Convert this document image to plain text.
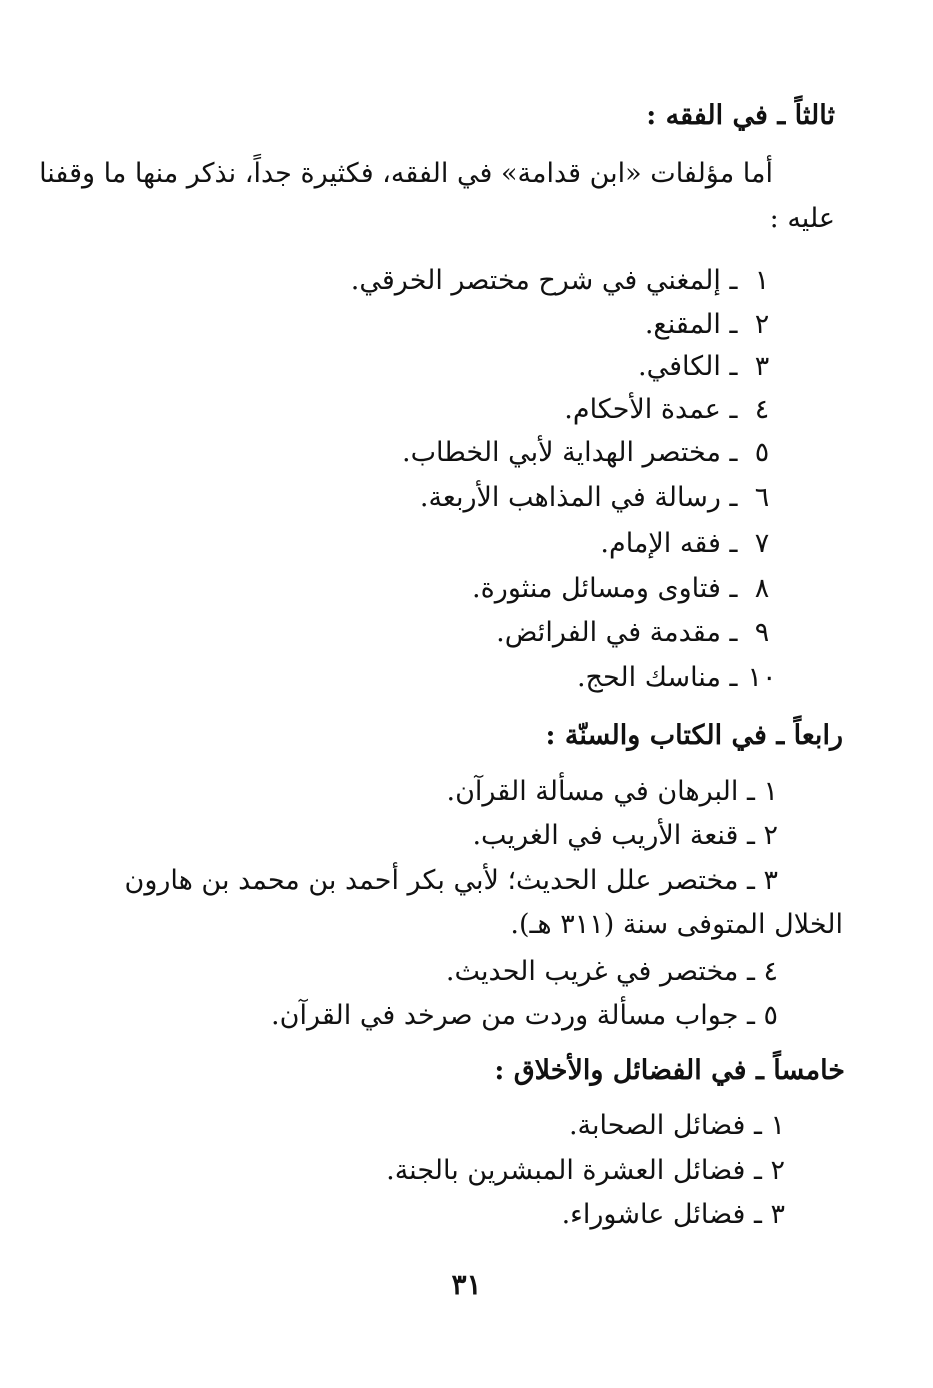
ثالثاً ـ في الفقه :
أما مؤلفات «ابن قدامة» في الفقه، فكثيرة جداً، نذكر منها ما وقفنا
عليه :
١ ـ إلمغني في شرح مختصر الخرقي.
٢ ـ المقنع.
٣ ـ الكافي.
٤ ـ عمدة الأحكام.
٥ ـ مختصر الهداية لأبي الخطاب.
٦ ـ رسالة في المذاهب الأربعة.
٧ ـ فقه الإمام.
٨ ـ فتاوى ومسائل منثورة.
٩ ـ مقدمة في الفرائض.
١٠ ـ مناسك الحج.
رابعاً ـ في الكتاب والسنّة :
١ ـ البرهان في مسألة القرآن.
٢ ـ قنعة الأريب في الغريب.
٣ ـ مختصر علل الحديث؛ لأبي بكر أحمد بن محمد بن هارون
الخلال المتوفى سنة (٣١١ هـ).
٤ ـ مختصر في غريب الحديث.
٥ ـ جواب مسألة وردت من صرخد في القرآن.
خامساً ـ في الفضائل والأخلاق :
١ ـ فضائل الصحابة.
٢ ـ فضائل العشرة المبشرين بالجنة.
٣ ـ فضائل عاشوراء.
٣١
